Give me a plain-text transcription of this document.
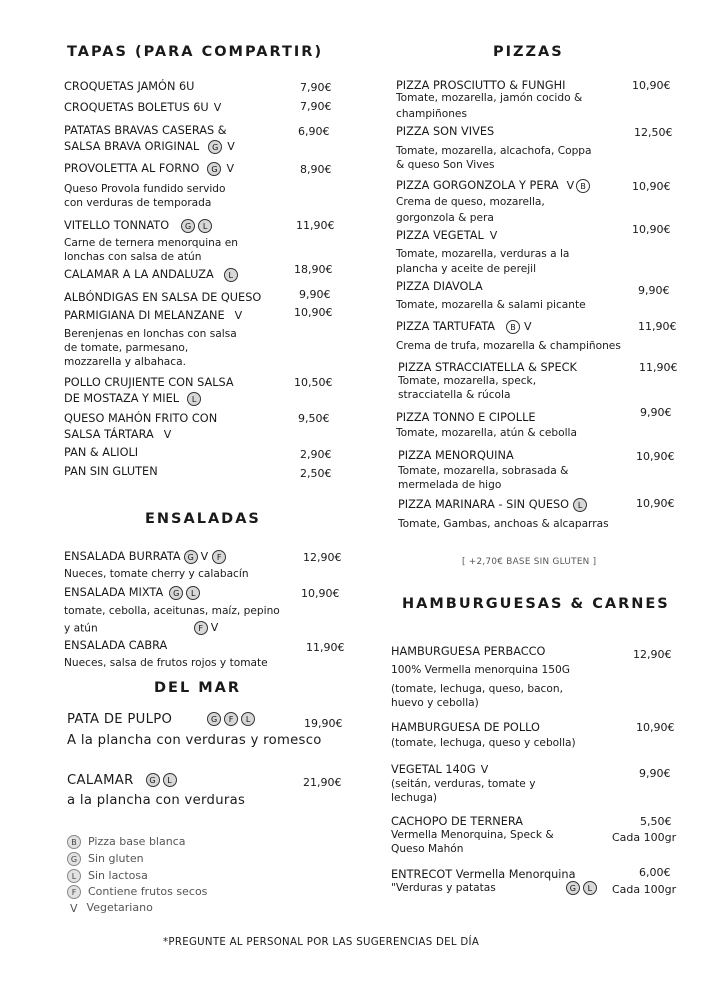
TAPAS (PARA COMPARTIR)
CROQUETAS JAMÓN 6U	7,90€
CROQUETAS BOLETUS 6U V	7,90€
PATATAS BRAVAS CASERAS &
SALSA BRAVA ORIGINAL G V
6,90€
PROVOLETTA AL FORNO G V	8,90€
Queso Provola fundido servido
con verduras de temporada
VITELLO TONNATO G L	11,90€
Carne de ternera menorquina en
lonchas con salsa de atún
CALAMAR A LA ANDALUZA L	18,90€
ALBÓNDIGAS EN SALSA DE QUESO	9,90€
PARMIGIANA DI MELANZANE V	10,90€
Berenjenas en lonchas con salsa
de tomate, parmesano,
mozzarella y albahaca.
POLLO CRUJIENTE CON SALSA
DE MOSTAZA Y MIEL L
10,50€
QUESO MAHÓN FRITO CON
SALSA TÁRTARA V
9,50€
PAN & ALIOLI	2,90€
PAN SIN GLUTEN	2,50€
ENSALADAS
ENSALADA BURRATA G V F	12,90€
Nueces, tomate cherry y calabacín
ENSALADA MIXTA G L	10,90€
tomate, cebolla, aceitunas, maíz, pepino
y atún	F V
ENSALADA CABRA	11,90€
Nueces, salsa de frutos rojos y tomate
DEL MAR
PATA DE PULPO	G F L	19,90€
A la plancha con verduras y romesco
CALAMAR G L	21,90€
a la plancha con verduras
B Pizza base blanca
G Sin gluten
L Sin lactosa
F Contiene frutos secos
V Vegetariano
PIZZAS
PIZZA PROSCIUTTO & FUNGHI	10,90€
Tomate, mozarella, jamón cocido &
champiñones
PIZZA SON VIVES	12,50€
Tomate, mozarella, alcachofa, Coppa
& queso Son Vives
PIZZA GORGONZOLA Y PERA V B	10,90€
Crema de queso, mozarella,
gorgonzola & pera
PIZZA VEGETAL V	10,90€
Tomate, mozarella, verduras a la
plancha y aceite de perejil
PIZZA DIAVOLA	9,90€
Tomate, mozarella & salami picante
PIZZA TARTUFATA B V	11,90€
Crema de trufa, mozarella & champiñones
PIZZA STRACCIATELLA & SPECK	11,90€
Tomate, mozarella, speck,
stracciatella & rúcola
PIZZA TONNO E CIPOLLE	9,90€
Tomate, mozarella, atún & cebolla
PIZZA MENORQUINA	10,90€
Tomate, mozarella, sobrasada &
mermelada de higo
PIZZA MARINARA - SIN QUESO L	10,90€
Tomate, Gambas, anchoas & alcaparras
[ +2,70€ BASE SIN GLUTEN ]
HAMBURGUESAS & CARNES
HAMBURGUESA PERBACCO	12,90€
100% Vermella menorquina 150G
(tomate, lechuga, queso, bacon,
huevo y cebolla)
HAMBURGUESA DE POLLO	10,90€
(tomate, lechuga, queso y cebolla)
VEGETAL 140G V	9,90€
(seitán, verduras, tomate y
lechuga)
CACHOPO DE TERNERA	5,50€
Cada 100gr
Vermella Menorquina, Speck &
Queso Mahón
ENTRECOT Vermella Menorquina	6,00€
Cada 100gr
"Verduras y patatas	G L
*PREGUNTE AL PERSONAL POR LAS SUGERENCIAS DEL DÍA
